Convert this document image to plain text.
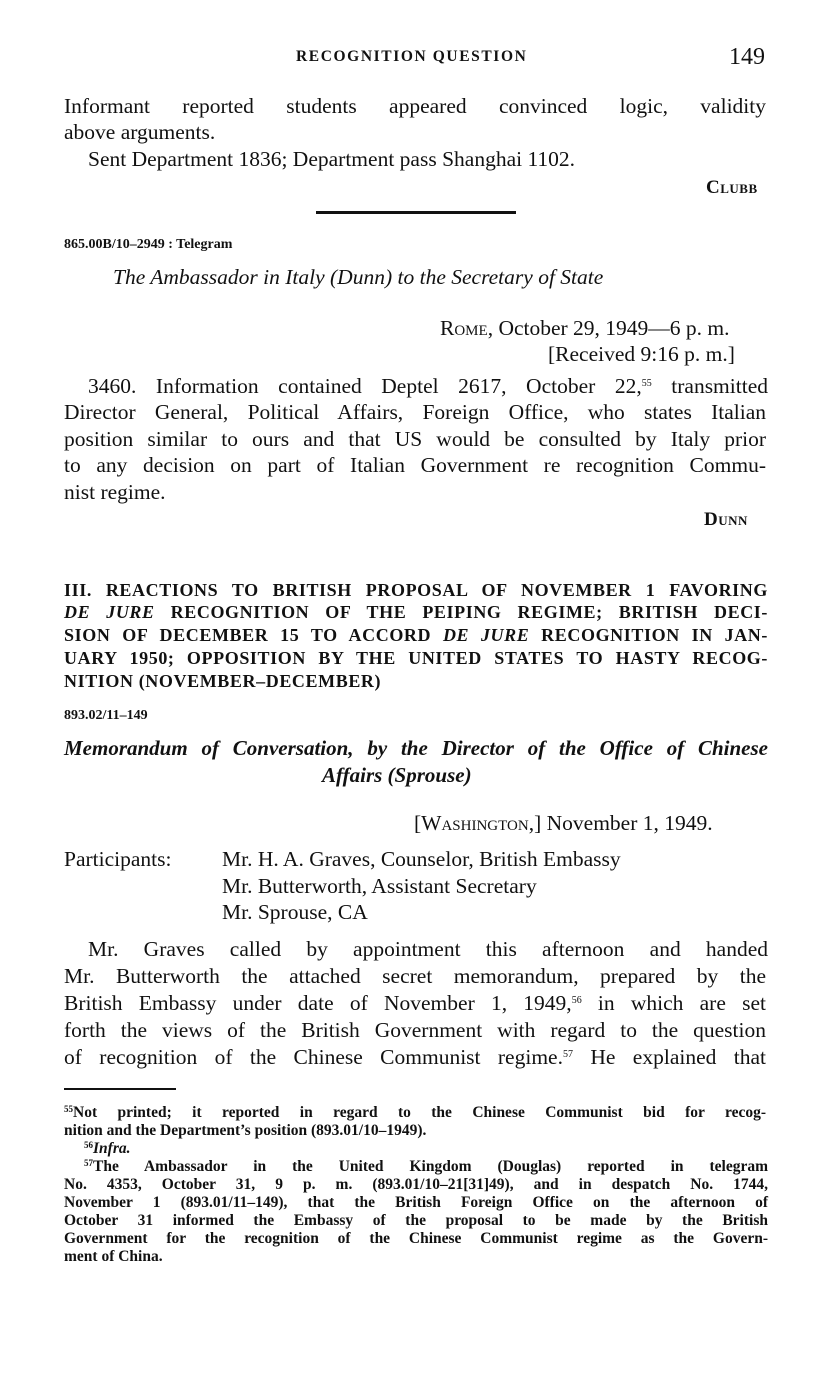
RECOGNITION QUESTION	149
Informant reported students appeared convinced logic, validity
above arguments.
Sent Department 1836; Department pass Shanghai 1102.
Clubb
865.00B/10–2949 : Telegram
The Ambassador in Italy (Dunn) to the Secretary of State
Rome, October 29, 1949—6 p. m.
[Received 9:16 p. m.]
3460. Information contained Deptel 2617, October 22,55 transmitted
Director General, Political Affairs, Foreign Office, who states Italian
position similar to ours and that US would be consulted by Italy prior
to any decision on part of Italian Government re recognition Commu-
nist regime.
Dunn
III. REACTIONS TO BRITISH PROPOSAL OF NOVEMBER 1 FAVORING
DE JURE RECOGNITION OF THE PEIPING REGIME; BRITISH DECI-
SION OF DECEMBER 15 TO ACCORD DE JURE RECOGNITION IN JAN-
UARY 1950; OPPOSITION BY THE UNITED STATES TO HASTY RECOG-
NITION (NOVEMBER–DECEMBER)
893.02/11–149
Memorandum of Conversation, by the Director of the Office of Chinese
Affairs (Sprouse)
[Washington,] November 1, 1949.
Participants: Mr. H. A. Graves, Counselor, British Embassy
Mr. Butterworth, Assistant Secretary
Mr. Sprouse, CA
Mr. Graves called by appointment this afternoon and handed
Mr. Butterworth the attached secret memorandum, prepared by the
British Embassy under date of November 1, 1949,56 in which are set
forth the views of the British Government with regard to the question
of recognition of the Chinese Communist regime.$^{57}$ He explained that
$^{55}$Not printed; it reported in regard to the Chinese Communist bid for recog-
nition and the Department’s position (893.01/10–1949).
$^{56}$Infra.
$^{57}$The Ambassador in the United Kingdom (Douglas) reported in telegram
No. 4353, October 31, 9 p. m. (893.01/10–21[31]49), and in despatch No. 1744,
November 1 (893.01/11–149), that the British Foreign Office on the afternoon of
October 31 informed the Embassy of the proposal to be made by the British
Government for the recognition of the Chinese Communist regime as the Govern-
ment of China.
